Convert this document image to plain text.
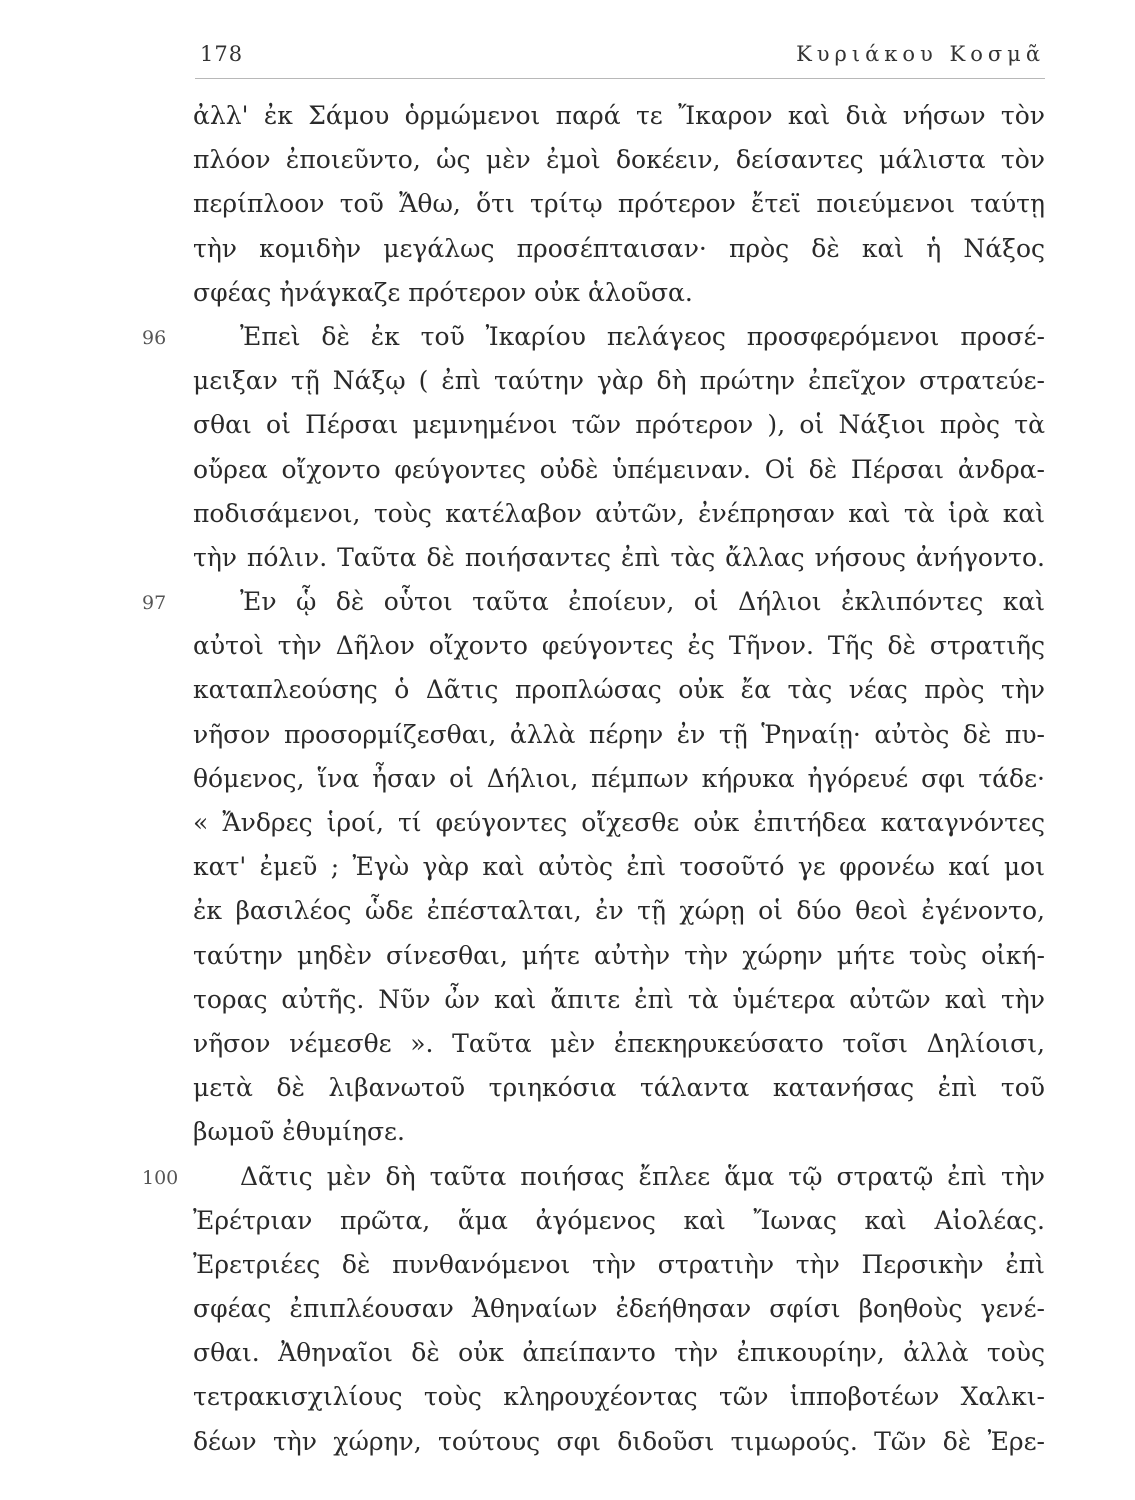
178	Κυριάκου Κοσμᾶ
ἀλλ' ἐκ Σάμου ὁρμώμενοι παρά τε Ἴκαρον καὶ διὰ νήσων τὸν
πλόον ἐποιεῦντο, ὡς μὲν ἐμοὶ δοκέειν, δείσαντες μάλιστα τὸν
περίπλοον τοῦ Ἄθω, ὅτι τρίτῳ πρότερον ἔτεϊ ποιεύμενοι ταύτῃ
τὴν κομιδὴν μεγάλως προσέπταισαν· πρὸς δὲ καὶ ἡ Νάξος
σφέας ἠνάγκαζε πρότερον οὐκ ἁλοῦσα.
96	Ἐπεὶ δὲ ἐκ τοῦ Ἰκαρίου πελάγεος προσφερόμενοι προσέ-
μειξαν τῇ Νάξῳ ( ἐπὶ ταύτην γὰρ δὴ πρώτην ἐπεῖχον στρατεύε-
σθαι οἱ Πέρσαι μεμνημένοι τῶν πρότερον ), οἱ Νάξιοι πρὸς τὰ
οὔρεα οἴχοντο φεύγοντες οὐδὲ ὑπέμειναν. Οἱ δὲ Πέρσαι ἀνδρα-
ποδισάμενοι, τοὺς κατέλαβον αὐτῶν, ἐνέπρησαν καὶ τὰ ἱρὰ καὶ
τὴν πόλιν. Ταῦτα δὲ ποιήσαντες ἐπὶ τὰς ἄλλας νήσους ἀνήγοντο.
97	Ἐν ᾧ δὲ οὗτοι ταῦτα ἐποίευν, οἱ Δήλιοι ἐκλιπόντες καὶ
αὐτοὶ τὴν Δῆλον οἴχοντο φεύγοντες ἐς Τῆνον. Τῆς δὲ στρατιῆς
καταπλεούσης ὁ Δᾶτις προπλώσας οὐκ ἔα τὰς νέας πρὸς τὴν
νῆσον προσορμίζεσθαι, ἀλλὰ πέρην ἐν τῇ Ῥηναίῃ· αὐτὸς δὲ πυ-
θόμενος, ἵνα ἦσαν οἱ Δήλιοι, πέμπων κήρυκα ἠγόρευέ σφι τάδε·
« Ἄνδρες ἱροί, τί φεύγοντες οἴχεσθε οὐκ ἐπιτήδεα καταγνόντες
κατ' ἐμεῦ ; Ἐγὼ γὰρ καὶ αὐτὸς ἐπὶ τοσοῦτό γε φρονέω καί μοι
ἐκ βασιλέος ὧδε ἐπέσταλται, ἐν τῇ χώρῃ οἱ δύο θεοὶ ἐγένοντο,
ταύτην μηδὲν σίνεσθαι, μήτε αὐτὴν τὴν χώρην μήτε τοὺς οἰκή-
τορας αὐτῆς. Νῦν ὦν καὶ ἄπιτε ἐπὶ τὰ ὑμέτερα αὐτῶν καὶ τὴν
νῆσον νέμεσθε ». Ταῦτα μὲν ἐπεκηρυκεύσατο τοῖσι Δηλίοισι,
μετὰ δὲ λιβανωτοῦ τριηκόσια τάλαντα κατανήσας ἐπὶ τοῦ
βωμοῦ ἐθυμίησε.
100 Δᾶτις μὲν δὴ ταῦτα ποιήσας ἔπλεε ἅμα τῷ στρατῷ ἐπὶ τὴν
Ἐρέτριαν πρῶτα, ἅμα ἀγόμενος καὶ Ἴωνας καὶ Αἰολέας.
Ἐρετριέες δὲ πυνθανόμενοι τὴν στρατιὴν τὴν Περσικὴν ἐπὶ
σφέας ἐπιπλέουσαν Ἀθηναίων ἐδεήθησαν σφίσι βοηθοὺς γενέ-
σθαι. Ἀθηναῖοι δὲ οὐκ ἀπείπαντο τὴν ἐπικουρίην, ἀλλὰ τοὺς
τετρακισχιλίους τοὺς κληρουχέοντας τῶν ἱπποβοτέων Χαλκι-
δέων τὴν χώρην, τούτους σφι διδοῦσι τιμωρούς. Τῶν δὲ Ἐρε-
